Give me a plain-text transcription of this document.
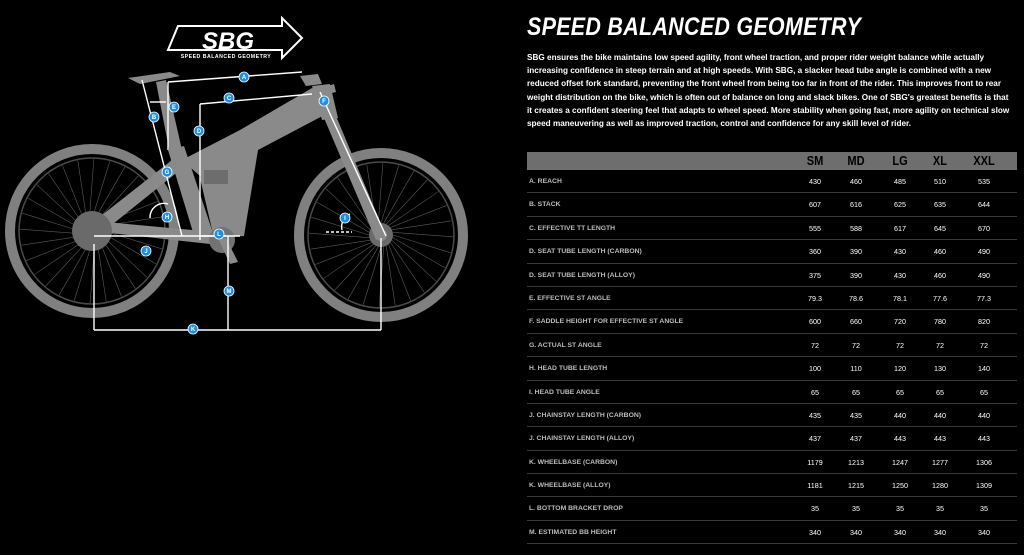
SBG
SPEED BALANCED GEOMETRY
A
B
C
D
E
F
G
H	I
J
K
L
M
SPEED BALANCED GEOMETRY

SBG ensures the bike maintains low speed agility, front wheel traction, and proper rider weight balance while actually increasing confidence in steep terrain and at high speeds. With SBG, a slacker head tube angle is combined with a new reduced offset fork standard, preventing the front wheel from being too far in front of the rider. This improves front to rear weight distribution on the bike, which is often out of balance on long and slack bikes. One of SBG's greatest benefits is that it creates a confident steering feel that adapts to wheel speed. More stability when going fast, more agility on technical slow speed maneuvering as well as improved traction, control and confidence for any skill level of rider.

SM	MD	LG	XL	XXL
A. REACH	430	460	485	510	535
B. STACK	607	616	625	635	644
C. EFFECTIVE TT LENGTH	555	588	617	645	670
D. SEAT TUBE LENGTH (CARBON)	360	390	430	460	490
D. SEAT TUBE LENGTH (ALLOY)	375	390	430	460	490
E. EFFECTIVE ST ANGLE	79.3	78.6	78.1	77.6	77.3
F. SADDLE HEIGHT FOR EFFECTIVE ST ANGLE	600	660	720	780	820
G. ACTUAL ST ANGLE	72	72	72	72	72
H. HEAD TUBE LENGTH	100	110	120	130	140
I. HEAD TUBE ANGLE	65	65	65	65	65
J. CHAINSTAY LENGTH (CARBON)	435	435	440	440	440
J. CHAINSTAY LENGTH (ALLOY)	437	437	443	443	443
K. WHEELBASE (CARBON)	1179	1213	1247	1277	1306
K. WHEELBASE (ALLOY)	1181	1215	1250	1280	1309
L. BOTTOM BRACKET DROP	35	35	35	35	35
M. ESTIMATED BB HEIGHT	340	340	340	340	340
